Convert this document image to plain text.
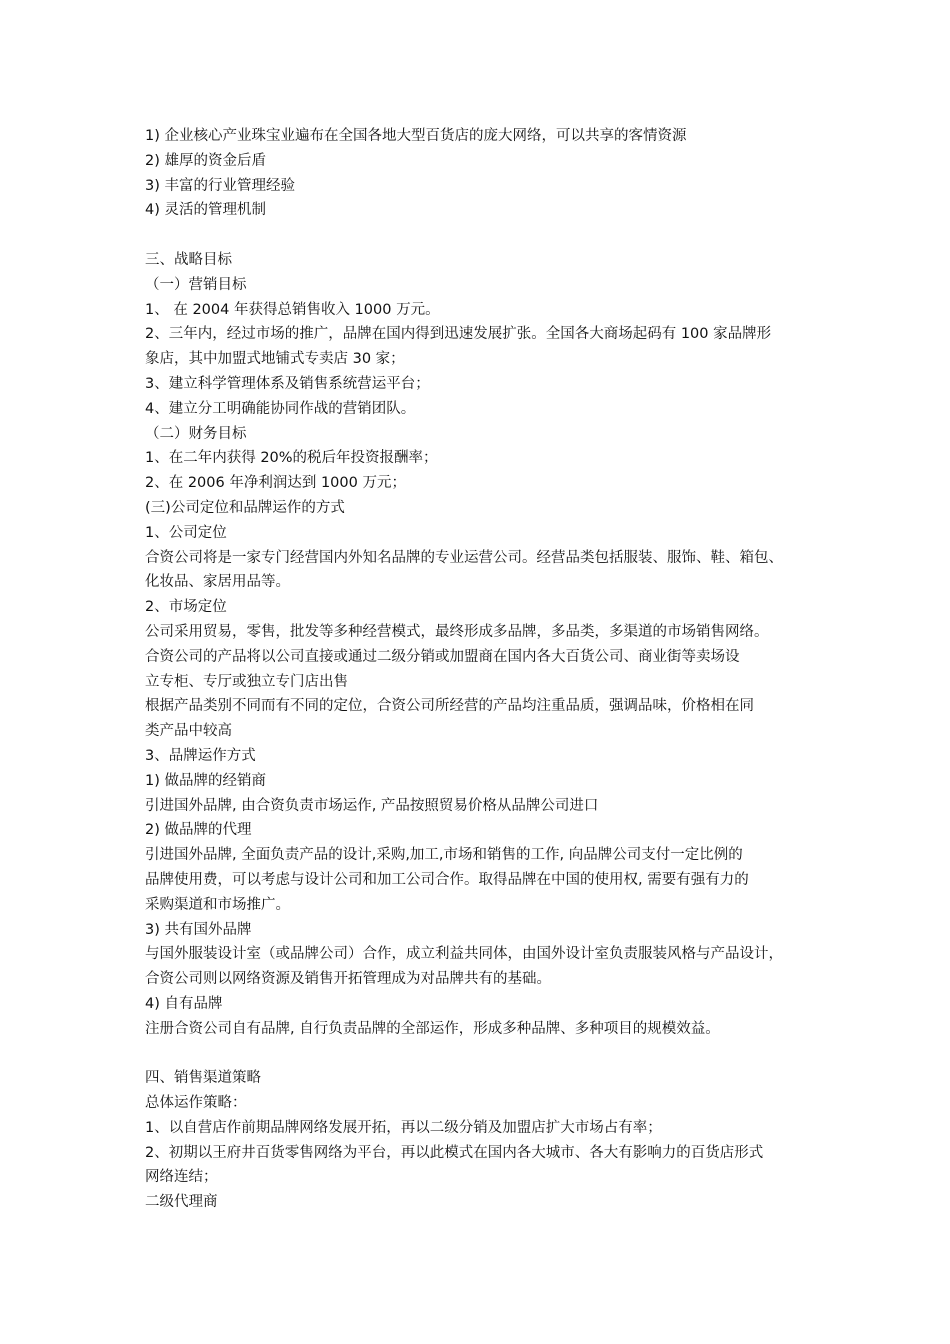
1) 企业核心产业珠宝业遍布在全国各地大型百货店的庞大网络，可以共享的客情资源
2) 雄厚的资金后盾
3) 丰富的行业管理经验
4) 灵活的管理机制
三、战略目标
（一）营销目标
1、 在 2004 年获得总销售收入 1000 万元。
2、三年内，经过市场的推广，品牌在国内得到迅速发展扩张。全国各大商场起码有 100 家品牌形
象店，其中加盟式地铺式专卖店 30 家；
3、建立科学管理体系及销售系统营运平台；
4、建立分工明确能协同作战的营销团队。
（二）财务目标
1、在二年内获得 20%的税后年投资报酬率；
2、在 2006 年净利润达到 1000 万元；
(三)公司定位和品牌运作的方式
1、公司定位
合资公司将是一家专门经营国内外知名品牌的专业运营公司。经营品类包括服装、服饰、鞋、箱包、
化妆品、家居用品等。
2、市场定位
公司采用贸易，零售，批发等多种经营模式，最终形成多品牌，多品类，多渠道的市场销售网络。
合资公司的产品将以公司直接或通过二级分销或加盟商在国内各大百货公司、商业街等卖场设
立专柜、专厅或独立专门店出售
根据产品类别不同而有不同的定位，合资公司所经营的产品均注重品质，强调品味，价格相在同
类产品中较高
3、品牌运作方式
1) 做品牌的经销商
引进国外品牌, 由合资负责市场运作, 产品按照贸易价格从品牌公司进口
2) 做品牌的代理
引进国外品牌, 全面负责产品的设计,采购,加工,市场和销售的工作, 向品牌公司支付一定比例的
品牌使用费，可以考虑与设计公司和加工公司合作。取得品牌在中国的使用权, 需要有强有力的
采购渠道和市场推广。
3) 共有国外品牌
与国外服装设计室（或品牌公司）合作，成立利益共同体，由国外设计室负责服装风格与产品设计，
合资公司则以网络资源及销售开拓管理成为对品牌共有的基础。
4) 自有品牌
注册合资公司自有品牌, 自行负责品牌的全部运作，形成多种品牌、多种项目的规模效益。
四、销售渠道策略
总体运作策略：
1、以自营店作前期品牌网络发展开拓，再以二级分销及加盟店扩大市场占有率；
2、初期以王府井百货零售网络为平台，再以此模式在国内各大城市、各大有影响力的百货店形式
网络连结；
二级代理商
